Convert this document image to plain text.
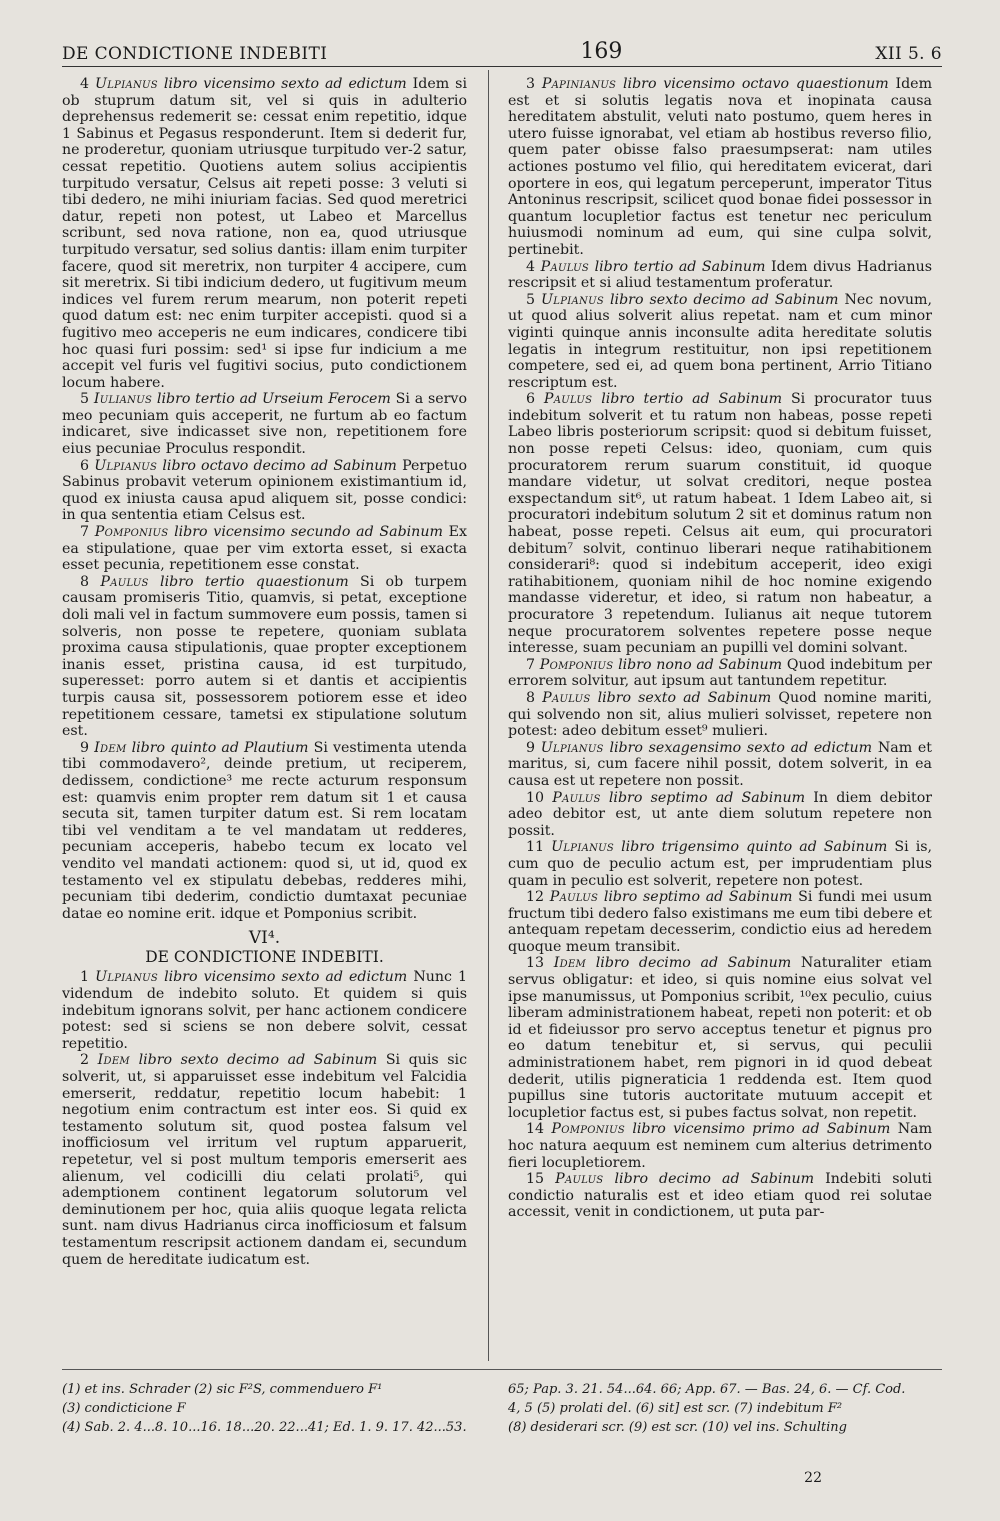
DE CONDICTIONE INDEBITI	169	XII 5. 6

4 Ulpianus libro vicensimo sexto ad edictum Idem si ob stuprum datum sit, vel si quis in adulterio deprehensus redemerit se: cessat enim repetitio, idque 1 Sabinus et Pegasus responderunt. Item si dederit fur, ne proderetur, quoniam utriusque turpitudo ver-2 satur, cessat repetitio. Quotiens autem solius accipientis turpitudo versatur, Celsus ait repeti posse: 3 veluti si tibi dedero, ne mihi iniuriam facias. Sed quod meretrici datur, repeti non potest, ut Labeo et Marcellus scribunt, sed nova ratione, non ea, quod utriusque turpitudo versatur, sed solius dantis: illam enim turpiter facere, quod sit meretrix, non turpiter 4 accipere, cum sit meretrix. Si tibi indicium dedero, ut fugitivum meum indices vel furem rerum mearum, non poterit repeti quod datum est: nec enim turpiter accepisti. quod si a fugitivo meo acceperis ne eum indicares, condicere tibi hoc quasi furi possim: sed¹ si ipse fur indicium a me accepit vel furis vel fugitivi socius, puto condictionem locum habere.

5 Iulianus libro tertio ad Urseium Ferocem Si a servo meo pecuniam quis acceperit, ne furtum ab eo factum indicaret, sive indicasset sive non, repetitionem fore eius pecuniae Proculus respondit.

6 Ulpianus libro octavo decimo ad Sabinum Perpetuo Sabinus probavit veterum opinionem existimantium id, quod ex iniusta causa apud aliquem sit, posse condici: in qua sententia etiam Celsus est.

7 Pomponius libro vicensimo secundo ad Sabinum Ex ea stipulatione, quae per vim extorta esset, si exacta esset pecunia, repetitionem esse constat.

8 Paulus libro tertio quaestionum Si ob turpem causam promiseris Titio, quamvis, si petat, exceptione doli mali vel in factum summovere eum possis, tamen si solveris, non posse te repetere, quoniam sublata proxima causa stipulationis, quae propter exceptionem inanis esset, pristina causa, id est turpitudo, superesset: porro autem si et dantis et accipientis turpis causa sit, possessorem potiorem esse et ideo repetitionem cessare, tametsi ex stipulatione solutum est.

9 Idem libro quinto ad Plautium Si vestimenta utenda tibi commodavero², deinde pretium, ut reciperem, dedissem, condictione³ me recte acturum responsum est: quamvis enim propter rem datum sit 1 et causa secuta sit, tamen turpiter datum est. Si rem locatam tibi vel venditam a te vel mandatam ut redderes, pecuniam acceperis, habebo tecum ex locato vel vendito vel mandati actionem: quod si, ut id, quod ex testamento vel ex stipulatu debebas, redderes mihi, pecuniam tibi dederim, condictio dumtaxat pecuniae datae eo nomine erit. idque et Pomponius scribit.

VI⁴.
DE CONDICTIONE INDEBITI.

1 Ulpianus libro vicensimo sexto ad edictum Nunc 1 videndum de indebito soluto. Et quidem si quis indebitum ignorans solvit, per hanc actionem condicere potest: sed si sciens se non debere solvit, cessat repetitio.

2 Idem libro sexto decimo ad Sabinum Si quis sic solverit, ut, si apparuisset esse indebitum vel Falcidia emerserit, reddatur, repetitio locum habebit: 1 negotium enim contractum est inter eos. Si quid ex testamento solutum sit, quod postea falsum vel inofficiosum vel irritum vel ruptum apparuerit, repetetur, vel si post multum temporis emerserit aes alienum, vel codicilli diu celati prolati⁵, qui ademptionem continent legatorum solutorum vel deminutionem per hoc, quia aliis quoque legata relicta sunt. nam divus Hadrianus circa inofficiosum et falsum testamentum rescripsit actionem dandam ei, secundum quem de hereditate iudicatum est.

3 Papinianus libro vicensimo octavo quaestionum Idem est et si solutis legatis nova et inopinata causa hereditatem abstulit, veluti nato postumo, quem heres in utero fuisse ignorabat, vel etiam ab hostibus reverso filio, quem pater obisse falso praesumpserat: nam utiles actiones postumo vel filio, qui hereditatem evicerat, dari oportere in eos, qui legatum perceperunt, imperator Titus Antoninus rescripsit, scilicet quod bonae fidei possessor in quantum locupletior factus est tenetur nec periculum huiusmodi nominum ad eum, qui sine culpa solvit, pertinebit.

4 Paulus libro tertio ad Sabinum Idem divus Hadrianus rescripsit et si aliud testamentum proferatur.

5 Ulpianus libro sexto decimo ad Sabinum Nec novum, ut quod alius solverit alius repetat. nam et cum minor viginti quinque annis inconsulte adita hereditate solutis legatis in integrum restituitur, non ipsi repetitionem competere, sed ei, ad quem bona pertinent, Arrio Titiano rescriptum est.

6 Paulus libro tertio ad Sabinum Si procurator tuus indebitum solverit et tu ratum non habeas, posse repeti Labeo libris posteriorum scripsit: quod si debitum fuisset, non posse repeti Celsus: ideo, quoniam, cum quis procuratorem rerum suarum constituit, id quoque mandare videtur, ut solvat creditori, neque postea exspectandum sit⁶, ut ratum habeat. 1 Idem Labeo ait, si procuratori indebitum solutum 2 sit et dominus ratum non habeat, posse repeti. Celsus ait eum, qui procuratori debitum⁷ solvit, continuo liberari neque ratihabitionem considerari⁸: quod si indebitum acceperit, ideo exigi ratihabitionem, quoniam nihil de hoc nomine exigendo mandasse videretur, et ideo, si ratum non habeatur, a procuratore 3 repetendum. Iulianus ait neque tutorem neque procuratorem solventes repetere posse neque interesse, suam pecuniam an pupilli vel domini solvant.

7 Pomponius libro nono ad Sabinum Quod indebitum per errorem solvitur, aut ipsum aut tantundem repetitur.

8 Paulus libro sexto ad Sabinum Quod nomine mariti, qui solvendo non sit, alius mulieri solvisset, repetere non potest: adeo debitum esset⁹ mulieri.

9 Ulpianus libro sexagensimo sexto ad edictum Nam et maritus, si, cum facere nihil possit, dotem solverit, in ea causa est ut repetere non possit.

10 Paulus libro septimo ad Sabinum In diem debitor adeo debitor est, ut ante diem solutum repetere non possit.

11 Ulpianus libro trigensimo quinto ad Sabinum Si is, cum quo de peculio actum est, per imprudentiam plus quam in peculio est solverit, repetere non potest.

12 Paulus libro septimo ad Sabinum Si fundi mei usum fructum tibi dedero falso existimans me eum tibi debere et antequam repetam decesserim, condictio eius ad heredem quoque meum transibit.

13 Idem libro decimo ad Sabinum Naturaliter etiam servus obligatur: et ideo, si quis nomine eius solvat vel ipse manumissus, ut Pomponius scribit, ¹⁰ex peculio, cuius liberam administrationem habeat, repeti non poterit: et ob id et fideiussor pro servo acceptus tenetur et pignus pro eo datum tenebitur et, si servus, qui peculii administrationem habet, rem pignori in id quod debeat dederit, utilis pigneraticia 1 reddenda est. Item quod pupillus sine tutoris auctoritate mutuum accepit et locupletior factus est, si pubes factus solvat, non repetit.

14 Pomponius libro vicensimo primo ad Sabinum Nam hoc natura aequum est neminem cum alterius detrimento fieri locupletiorem.

15 Paulus libro decimo ad Sabinum Indebiti soluti condictio naturalis est et ideo etiam quod rei solutae accessit, venit in condictionem, ut puta par-

(1) et ins. Schrader (2) sic F²S, commenduero F¹
(3) condicticione F
(4) Sab. 2. 4...8. 10...16. 18...20. 22...41; Ed. 1. 9. 17. 42...53.
65; Pap. 3. 21. 54...64. 66; App. 67. — Bas. 24, 6. — Cf. Cod.
4, 5 (5) prolati del. (6) sit] est scr. (7) indebitum F²
(8) desiderari scr. (9) est scr. (10) vel ins. Schulting
22
